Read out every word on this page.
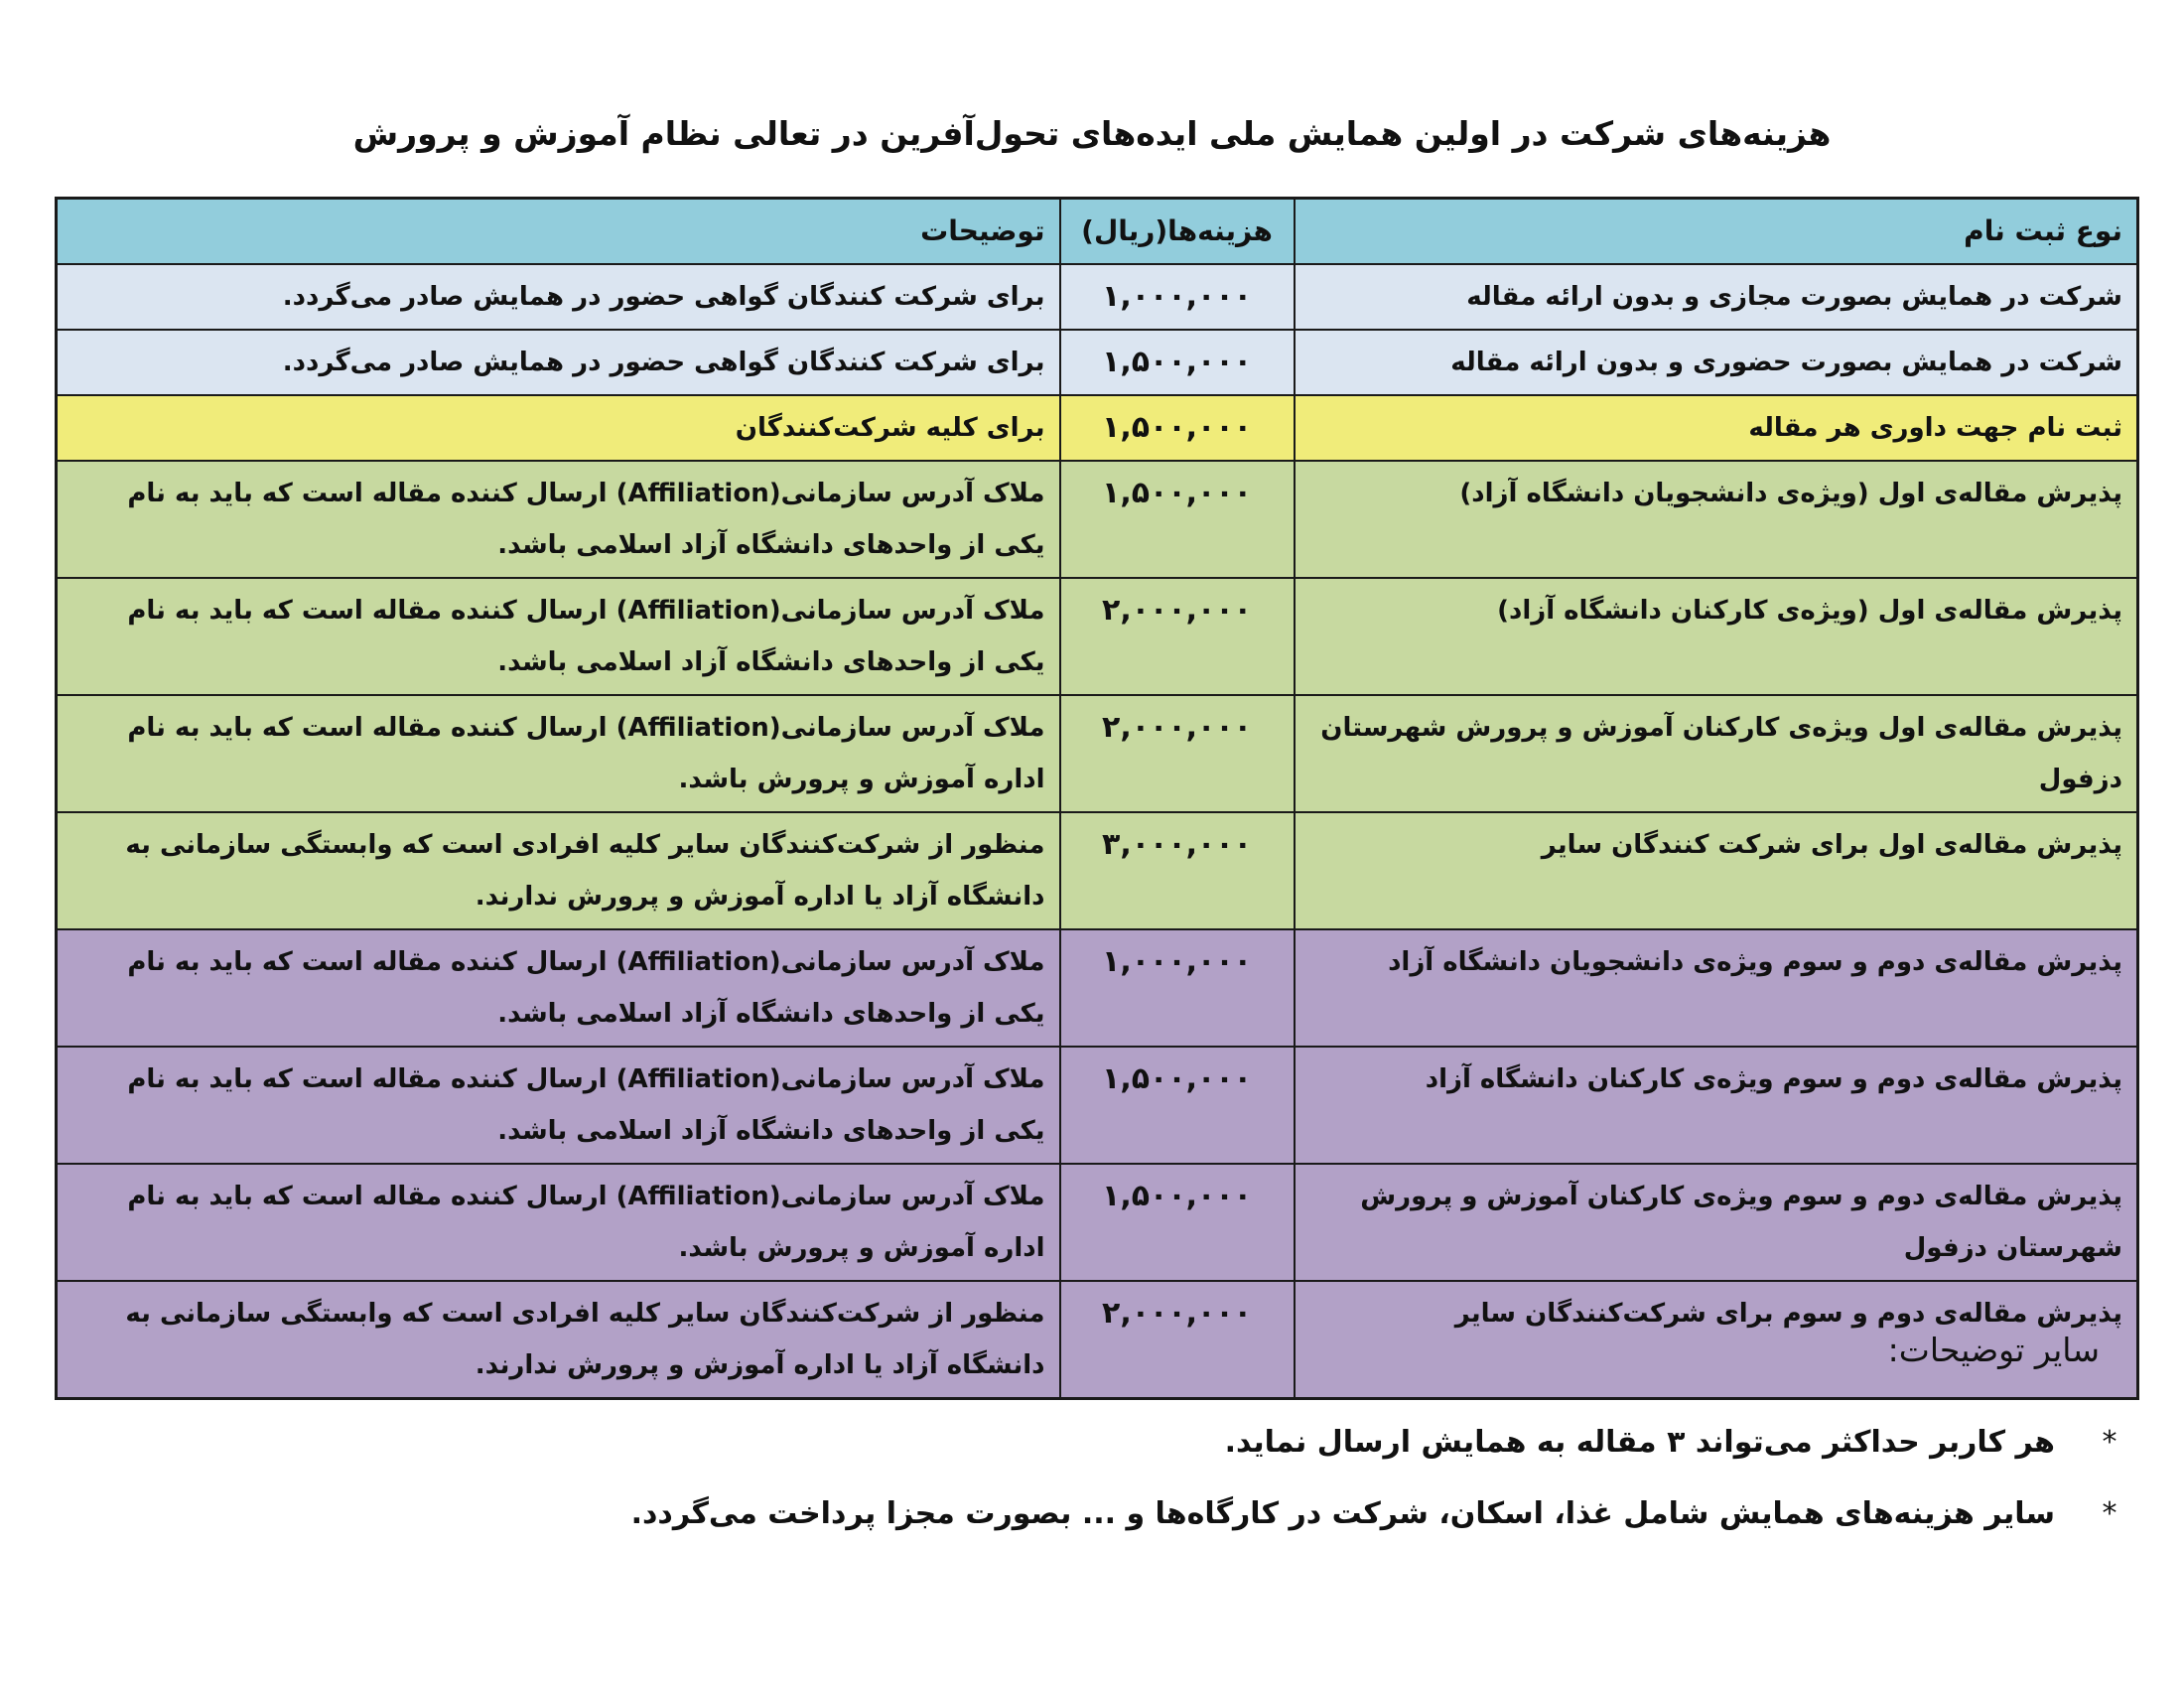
هزینه‌های شرکت در اولین همایش ملی ایده‌های تحول‌آفرین در تعالی نظام آموزش و پرورش
نوع ثبت نام	هزینه‌ها(ریال)	توضیحات
شرکت در همایش بصورت مجازی و بدون ارائه مقاله	۱,۰۰۰,۰۰۰	برای شرکت کنندگان گواهی حضور در همایش صادر می‌گردد.
شرکت در همایش بصورت حضوری و بدون ارائه مقاله	۱,۵۰۰,۰۰۰	برای شرکت کنندگان گواهی حضور در همایش صادر می‌گردد.
ثبت نام جهت داوری هر مقاله	۱,۵۰۰,۰۰۰	برای کلیه شرکت‌کنندگان
پذیرش مقاله‌ی اول (ویژه‌ی دانشجویان دانشگاه آزاد)	۱,۵۰۰,۰۰۰	ملاک آدرس سازمانی(Affiliation) ارسال کننده مقاله است که باید به نام یکی از واحدهای دانشگاه آزاد اسلامی باشد.
پذیرش مقاله‌ی اول (ویژه‌ی کارکنان دانشگاه آزاد)	۲,۰۰۰,۰۰۰	ملاک آدرس سازمانی(Affiliation) ارسال کننده مقاله است که باید به نام یکی از واحدهای دانشگاه آزاد اسلامی باشد.
پذیرش مقاله‌ی اول ویژه‌ی کارکنان آموزش و پرورش شهرستان دزفول	۲,۰۰۰,۰۰۰	ملاک آدرس سازمانی(Affiliation) ارسال کننده مقاله است که باید به نام اداره آموزش و پرورش باشد.
پذیرش مقاله‌ی اول برای شرکت کنندگان سایر	۳,۰۰۰,۰۰۰	منظور از شرکت‌کنندگان سایر کلیه افرادی است که وابستگی سازمانی به دانشگاه آزاد یا اداره آموزش و پرورش ندارند.
پذیرش مقاله‌ی دوم و سوم ویژه‌ی دانشجویان دانشگاه آزاد	۱,۰۰۰,۰۰۰	ملاک آدرس سازمانی(Affiliation) ارسال کننده مقاله است که باید به نام یکی از واحدهای دانشگاه آزاد اسلامی باشد.
پذیرش مقاله‌ی دوم و سوم ویژه‌ی کارکنان دانشگاه آزاد	۱,۵۰۰,۰۰۰	ملاک آدرس سازمانی(Affiliation) ارسال کننده مقاله است که باید به نام یکی از واحدهای دانشگاه آزاد اسلامی باشد.
پذیرش مقاله‌ی دوم و سوم ویژه‌ی کارکنان آموزش و پرورش شهرستان دزفول	۱,۵۰۰,۰۰۰	ملاک آدرس سازمانی(Affiliation) ارسال کننده مقاله است که باید به نام اداره آموزش و پرورش باشد.
پذیرش مقاله‌ی دوم و سوم برای شرکت‌کنندگان سایر	۲,۰۰۰,۰۰۰	منظور از شرکت‌کنندگان سایر کلیه افرادی است که وابستگی سازمانی به دانشگاه آزاد یا اداره آموزش و پرورش ندارند.	سایر توضیحات:
*
هر کاربر حداکثر می‌تواند ۳ مقاله به همایش ارسال نماید.
*
سایر هزینه‌های همایش شامل غذا، اسکان، شرکت در کارگاه‌ها و ... بصورت مجزا پرداخت می‌گردد.
